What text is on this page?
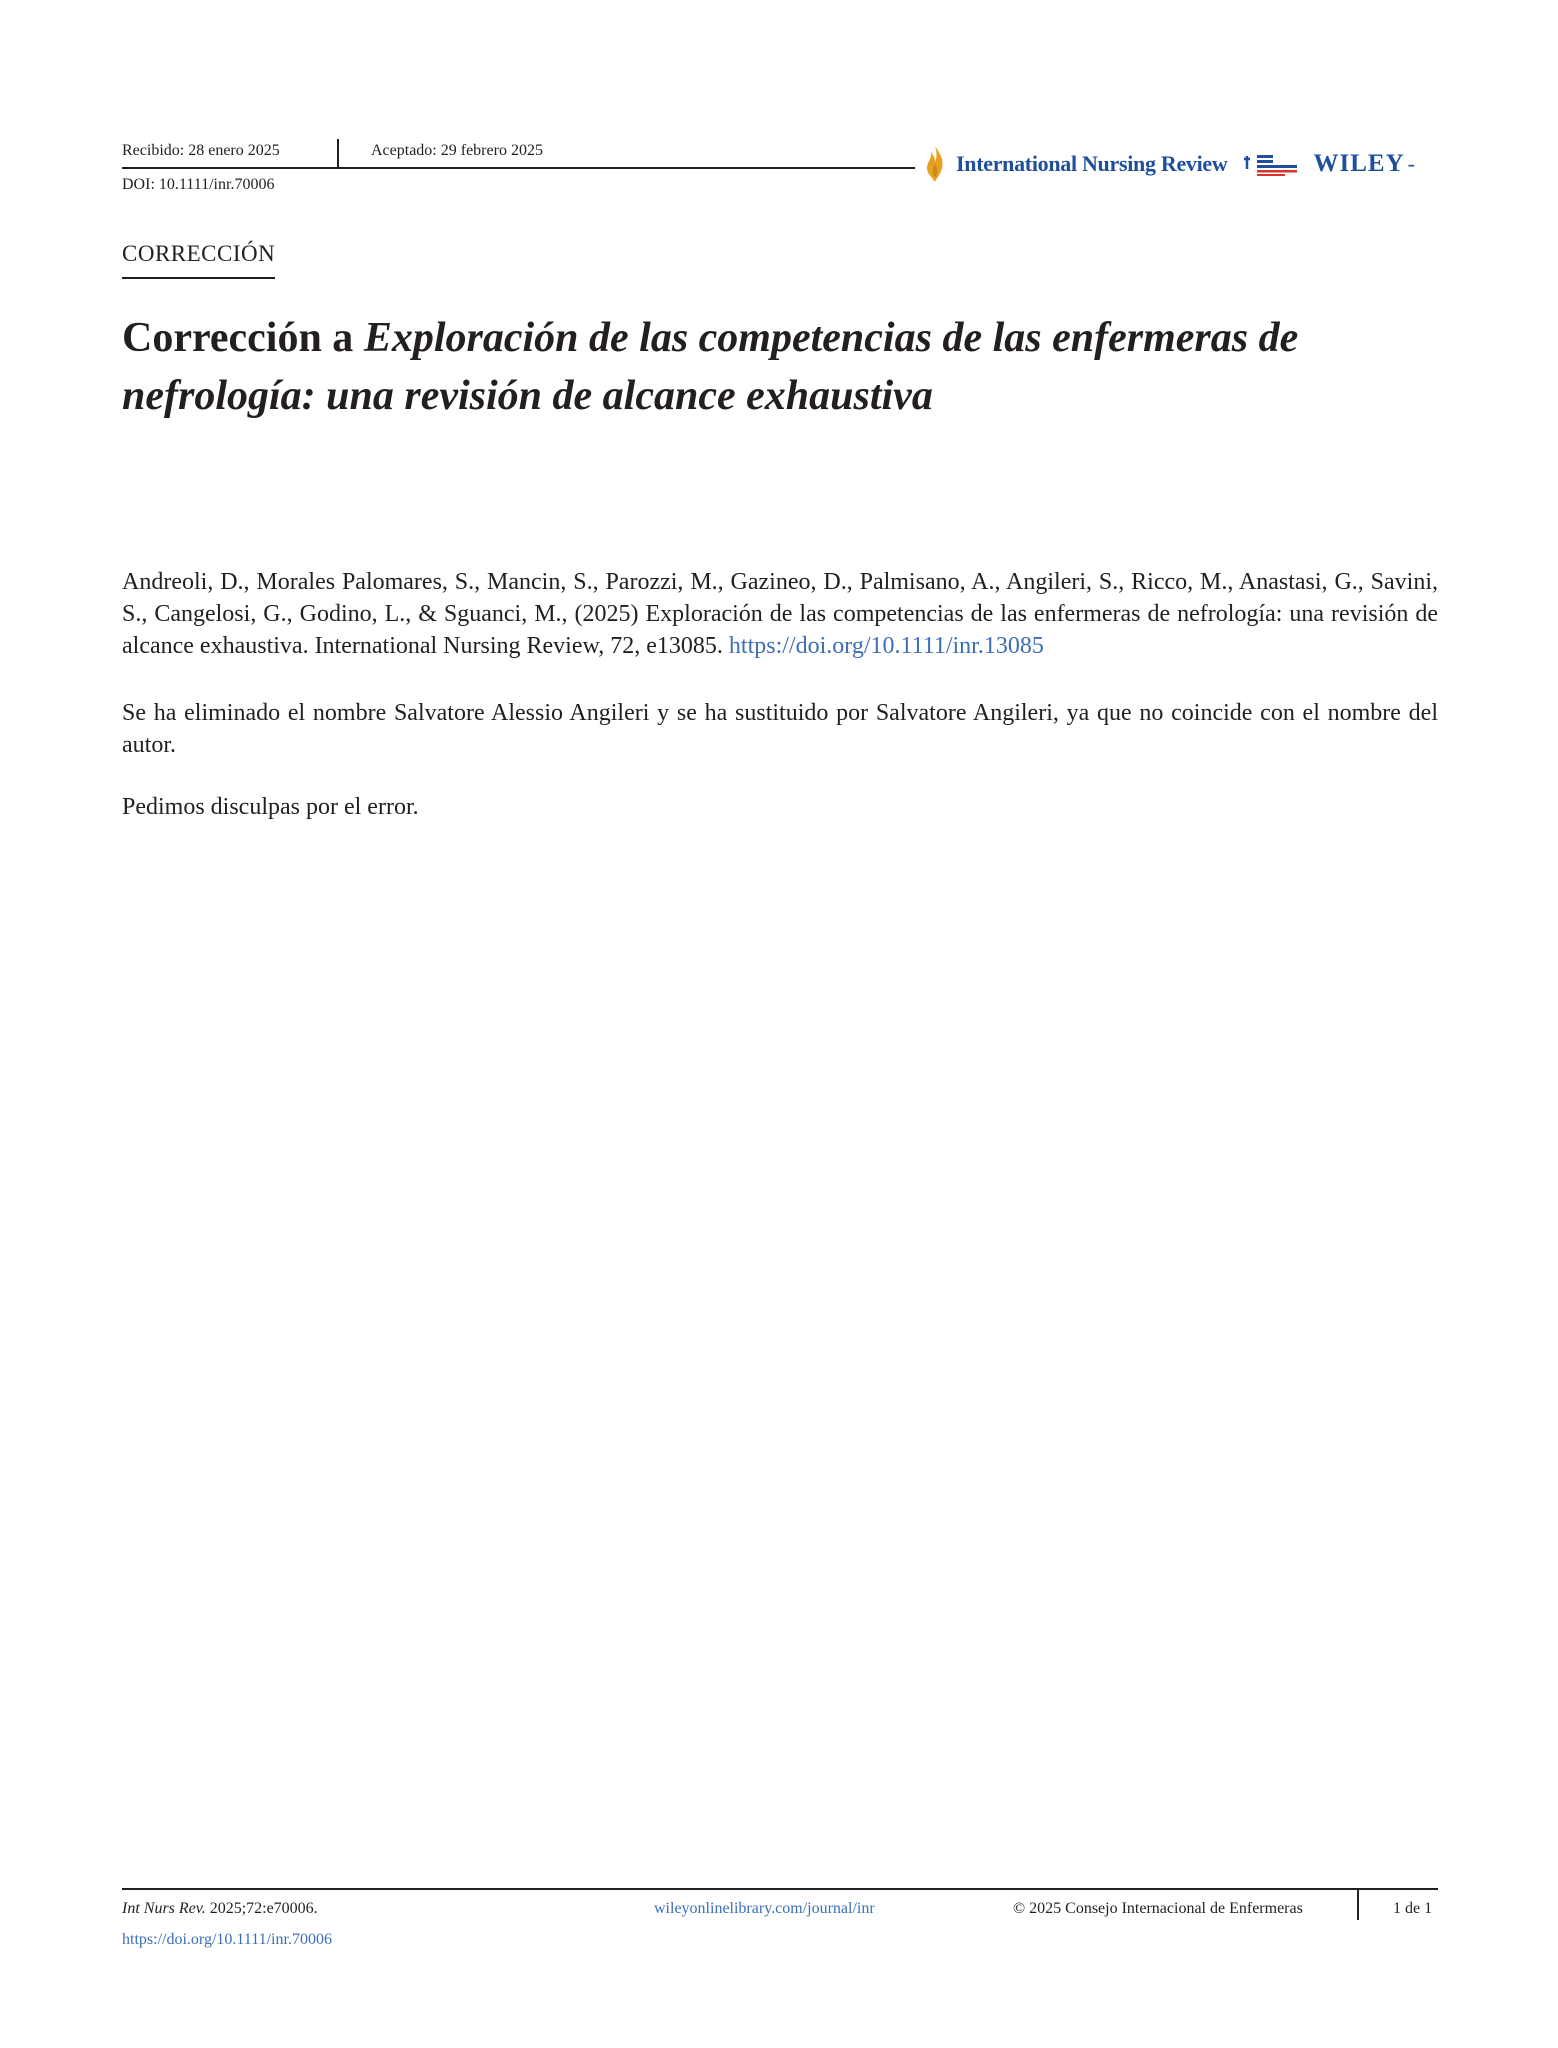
Recibido: 28 enero 2025	Aceptado: 29 febrero 2025
DOI: 10.1111/inr.70006
International Nursing Review	WILEY -
CORRECCIÓN
Corrección a Exploración de las competencias de las enfermeras de
nefrología: una revisión de alcance exhaustiva
Andreoli, D., Morales Palomares, S., Mancin, S., Parozzi, M., Gazineo, D., Palmisano, A., Angileri, S., Ricco, M., Anastasi, G., Savini, S., Cangelosi, G., Godino, L., & Sguanci, M., (2025) Exploración de las competencias de las enfermeras de nefrología: una revisión de alcance exhaustiva. International Nursing Review, 72, e13085. https://doi.org/10.1111/inr.13085
Se ha eliminado el nombre Salvatore Alessio Angileri y se ha sustituido por Salvatore Angileri, ya que no coincide con el nombre del autor.
Pedimos disculpas por el error.
Int Nurs Rev. 2025;72:e70006.
https://doi.org/10.1111/inr.70006
wileyonlinelibrary.com/journal/inr	© 2025 Consejo Internacional de Enfermeras	1 de 1
